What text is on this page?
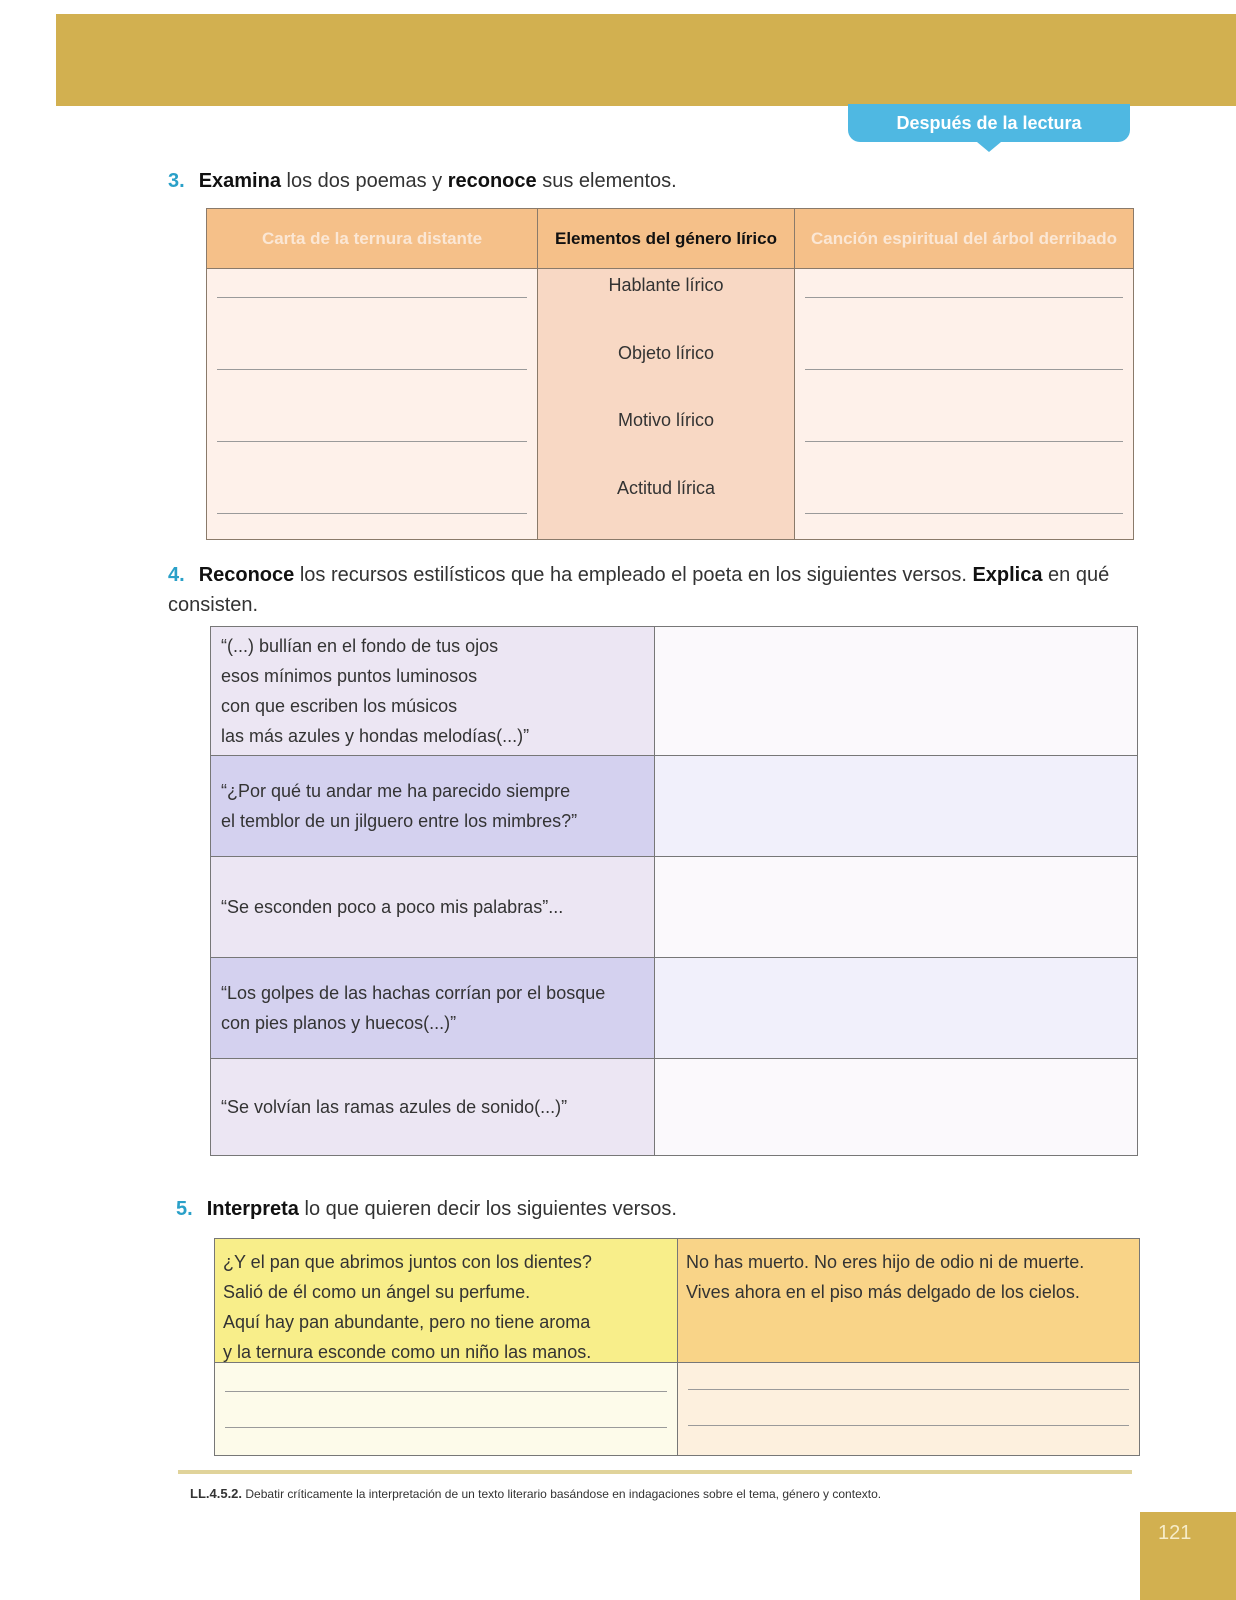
Después de la lectura
3. Examina los dos poemas y reconoce sus elementos.
Carta de la ternura distante	Elementos del género lírico
Hablante lírico
Objeto lírico
Motivo lírico
Actitud lírica
Canción espiritual del árbol derribado
4. Reconoce los recursos estilísticos que ha empleado el poeta en los siguientes versos. Explica en qué consisten.
“(...) bullían en el fondo de tus ojos
esos mínimos puntos luminosos
con que escriben los músicos
las más azules y hondas melodías(...)”
“¿Por qué tu andar me ha parecido siempre
el temblor de un jilguero entre los mimbres?”
“Se esconden poco a poco mis palabras”...
“Los golpes de las hachas corrían por el bosque
con pies planos y huecos(...)”
“Se volvían las ramas azules de sonido(...)”
5. Interpreta lo que quieren decir los siguientes versos.
¿Y el pan que abrimos juntos con los dientes?
Salió de él como un ángel su perfume.
Aquí hay pan abundante, pero no tiene aroma
y la ternura esconde como un niño las manos.
No has muerto. No eres hijo de odio ni de muerte.
Vives ahora en el piso más delgado de los cielos.
LL.4.5.2. Debatir críticamente la interpretación de un texto literario basándose en indagaciones sobre el tema, género y contexto.
121
